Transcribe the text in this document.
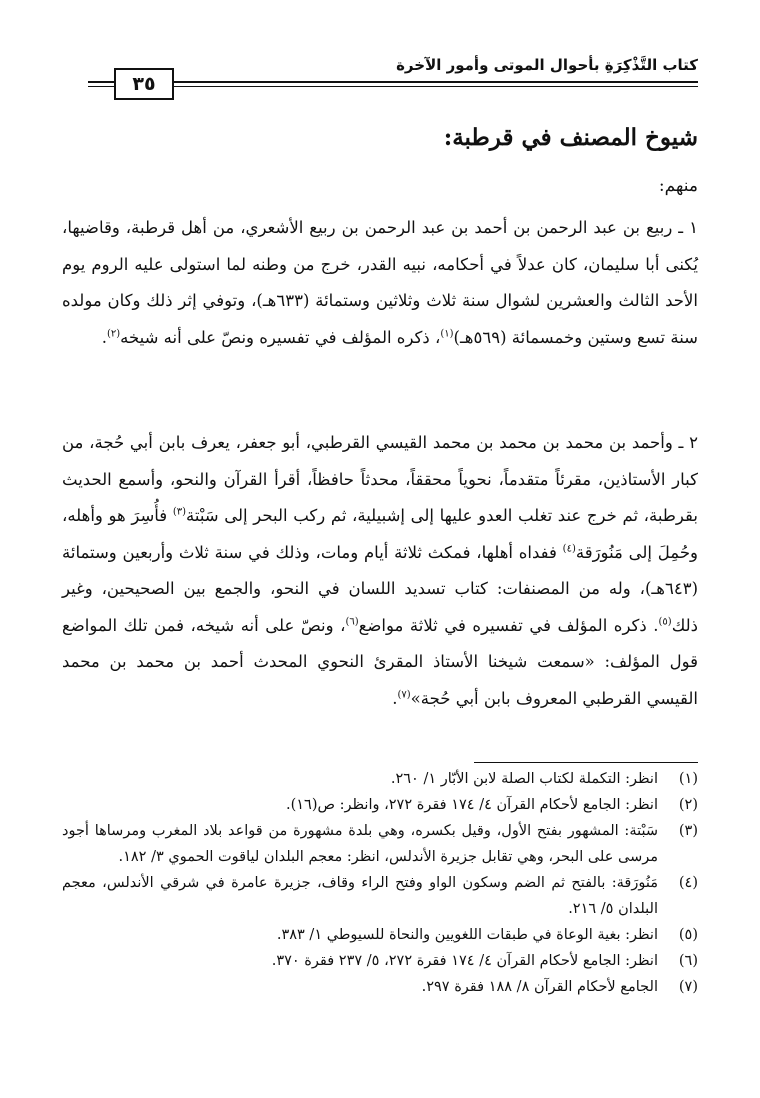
كتاب التَّذْكِرَةِ بأحوال الموتى وأمور الآخرة
٣٥
شيوخ المصنف في قرطبة:
منهم:
١ ـ ربيع بن عبد الرحمن بن أحمد بن عبد الرحمن بن ربيع الأشعري، من أهل قرطبة، وقاضيها، يُكنى أبا سليمان، كان عدلاً في أحكامه، نبيه القدر، خرج من وطنه لما استولى عليه الروم يوم الأحد الثالث والعشرين لشوال سنة ثلاث وثلاثين وستمائة (٦٣٣هـ)، وتوفي إثر ذلك وكان مولده سنة تسع وستين وخمسمائة (٥٦٩هـ)$^{(١)}$، ذكره المؤلف في تفسيره ونصّ على أنه شيخه$^{(٢)}$.
٢ ـ وأحمد بن محمد بن محمد بن محمد القيسي القرطبي، أبو جعفر، يعرف بابن أبي حُجة، من كبار الأستاذين، مقرئاً متقدماً، نحوياً محققاً، محدثاً حافظاً، أقرأ القرآن والنحو، وأسمع الحديث بقرطبة، ثم خرج عند تغلب العدو عليها إلى إشبيلية، ثم ركب البحر إلى سَبْتة$^{(٣)}$ فأُسِرَ هو وأهله، وحُمِلَ إلى مَنُورَقة$^{(٤)}$ ففداه أهلها، فمكث ثلاثة أيام ومات، وذلك في سنة ثلاث وأربعين وستمائة (٦٤٣هـ)، وله من المصنفات: كتاب تسديد اللسان في النحو، والجمع بين الصحيحين، وغير ذلك$^{(٥)}$. ذكره المؤلف في تفسيره في ثلاثة مواضع$^{(٦)}$، ونصّ على أنه شيخه، فمن تلك المواضع قول المؤلف: «سمعت شيخنا الأستاذ المقرئ النحوي المحدث أحمد بن محمد بن محمد القيسي القرطبي المعروف بابن أبي حُجة»$^{(٧)}$.
(١)
انظر: التكملة لكتاب الصلة لابن الأبّار ١/ ٢٦٠.
(٢)
انظر: الجامع لأحكام القرآن ٤/ ١٧٤ فقرة ٢٧٢، وانظر: ص(١٦).
(٣)
سَبْتة: المشهور بفتح الأول، وقيل بكسره، وهي بلدة مشهورة من قواعد بلاد المغرب ومرساها أجود مرسى على البحر، وهي تقابل جزيرة الأندلس، انظر: معجم البلدان لياقوت الحموي ٣/ ١٨٢.
(٤)
مَنُورَقة: بالفتح ثم الضم وسكون الواو وفتح الراء وقاف، جزيرة عامرة في شرقي الأندلس، معجم البلدان ٥/ ٢١٦.
(٥)
انظر: بغية الوعاة في طبقات اللغويين والنحاة للسيوطي ١/ ٣٨٣.
(٦)
انظر: الجامع لأحكام القرآن ٤/ ١٧٤ فقرة ٢٧٢، ٥/ ٢٣٧ فقرة ٣٧٠.
(٧)
الجامع لأحكام القرآن ٨/ ١٨٨ فقرة ٢٩٧.
